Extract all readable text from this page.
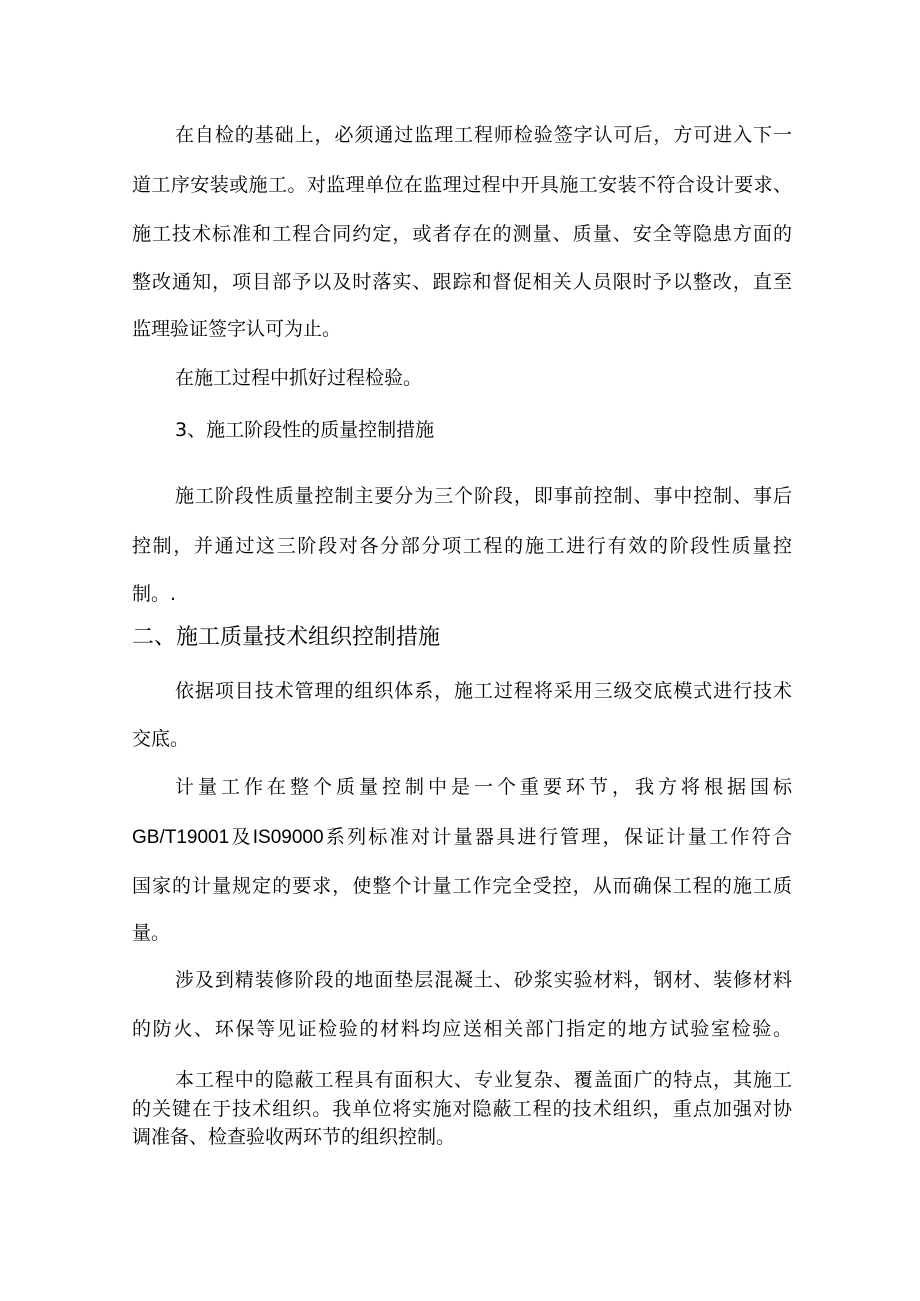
在自检的基础上，必须通过监理工程师检验签字认可后，方可进入下一
道工序安装或施工。对监理单位在监理过程中开具施工安装不符合设计要求、
施工技术标准和工程合同约定，或者存在的测量、质量、安全等隐患方面的
整改通知，项目部予以及时落实、跟踪和督促相关人员限时予以整改，直至
监理验证签字认可为止。
在施工过程中抓好过程检验。
3、施工阶段性的质量控制措施
施工阶段性质量控制主要分为三个阶段，即事前控制、事中控制、事后
控制，并通过这三阶段对各分部分项工程的施工进行有效的阶段性质量控
制。.
二、施工质量技术组织控制措施
依据项目技术管理的组织体系，施工过程将采用三级交底模式进行技术
交底。
计量工作在整个质量控制中是一个重要环节，我方将根据国标
GB/T19001及IS09000系列标准对计量器具进行管理，保证计量工作符合
国家的计量规定的要求，使整个计量工作完全受控，从而确保工程的施工质
量。
涉及到精装修阶段的地面垫层混凝土、砂浆实验材料，钢材、装修材料
的防火、环保等见证检验的材料均应送相关部门指定的地方试验室检验。
本工程中的隐蔽工程具有面积大、专业复杂、覆盖面广的特点，其施工
的关键在于技术组织。我单位将实施对隐蔽工程的技术组织，重点加强对协
调准备、检查验收两环节的组织控制。
